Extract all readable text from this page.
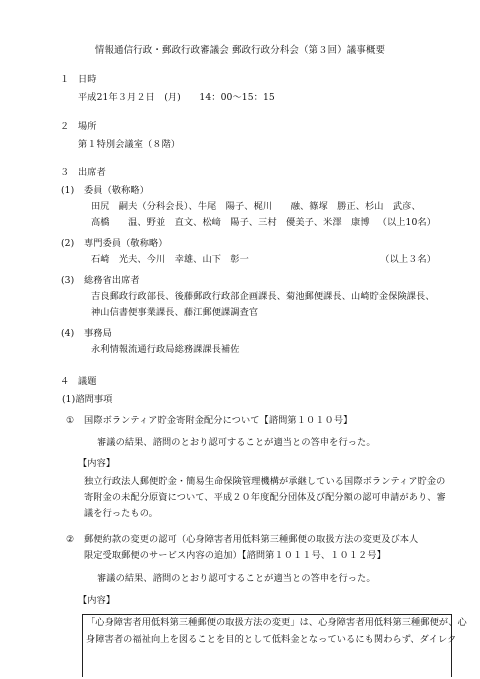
情報通信行政・郵政行政審議会 郵政行政分科会（第３回）議事概要
１ 日時
平成21年３月２日　(月)　　14：00～15：15
２ 場所
第１特別会議室（８階）
３ 出席者
(1) 委員（敬称略）
田尻　嗣夫（分科会長）、牛尾　陽子、梶川　　融、篠塚　勝正、杉山　武彦、
高橋　　温、野並　直文、松﨑　陽子、三村　優美子、米澤　康博 （以上10名）
(2) 専門委員（敬称略）
石崎　光夫、今川　幸雄、山下　彰一	（以上３名）
(3) 総務省出席者
吉良郵政行政部長、後藤郵政行政部企画課長、菊池郵便課長、山崎貯金保険課長、
神山信書便事業課長、藤江郵便課調査官
(4) 事務局
永利情報流通行政局総務課課長補佐
４ 議題
(1)諮問事項
① 国際ボランティア貯金寄附金配分について【諮問第１０１０号】
審議の結果、諮問のとおり認可することが適当との答申を行った。
【内容】
独立行政法人郵便貯金・簡易生命保険管理機構が承継している国際ボランティア貯金の
寄附金の未配分原資について、平成２０年度配分団体及び配分額の認可申請があり、審
議を行ったもの。
② 郵便約款の変更の認可（心身障害者用低料第三種郵便の取扱方法の変更及び本人
限定受取郵便のサービス内容の追加）【諮問第１０１１号、１０１２号】
審議の結果、諮問のとおり認可することが適当との答申を行った。
【内容】
「心身障害者用低料第三種郵便の取扱方法の変更」は、心身障害者用低料第三種郵便が、心
身障害者の福祉向上を図ることを目的として低料金となっているにも関わらず、ダイレク
